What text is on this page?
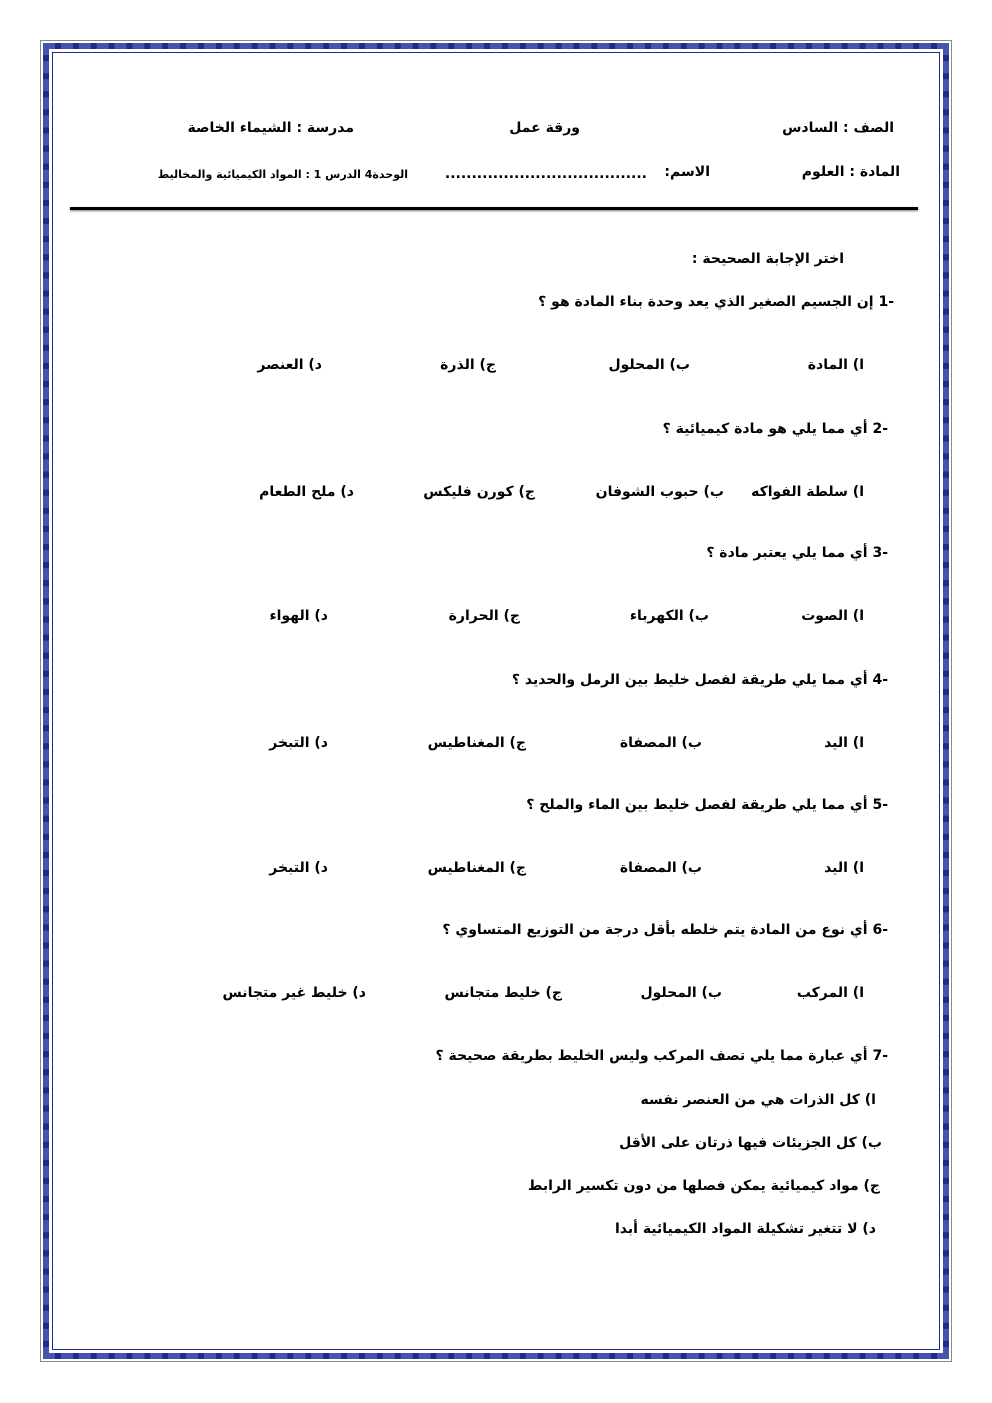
الصف : السادس
ورقة عمل
مدرسة : الشيماء الخاصة
المادة : العلوم
الاسم:
......................................
الوحدة4 الدرس 1 : المواد الكيميائية والمخاليط
اختر الإجابة الصحيحة :
-1 إن الجسيم الصغير الذي يعد وحدة بناء المادة هو ؟
ا) المادة
ب) المحلول
ج) الذرة
د) العنصر
-2 أي مما يلي هو مادة كيميائية ؟
ا) سلطة الفواكه
ب) حبوب الشوفان
ج) كورن فليكس
د) ملح الطعام
-3 أي مما يلي يعتبر مادة ؟
ا) الصوت
ب) الكهرباء
ج) الحرارة
د) الهواء
-4 أي مما يلي طريقة لفصل خليط بين الرمل والحديد ؟
ا) اليد
ب) المصفاة
ج) المغناطيس
د) التبخر
-5 أي مما يلي طريقة لفصل خليط بين الماء والملح ؟
ا) اليد
ب) المصفاة
ج) المغناطيس
د) التبخر
-6 أي نوع من المادة يتم خلطه بأقل درجة من التوزيع المتساوي ؟
ا) المركب
ب) المحلول
ج) خليط متجانس
د) خليط غير متجانس
-7 أي عبارة مما يلي تصف المركب وليس الخليط بطريقة صحيحة ؟
ا) كل الذرات هي من العنصر نفسه
ب) كل الجزيئات فيها ذرتان على الأقل
ج) مواد كيميائية يمكن فصلها من دون تكسير الرابط
د) لا تتغير تشكيلة المواد الكيميائية أبدا
